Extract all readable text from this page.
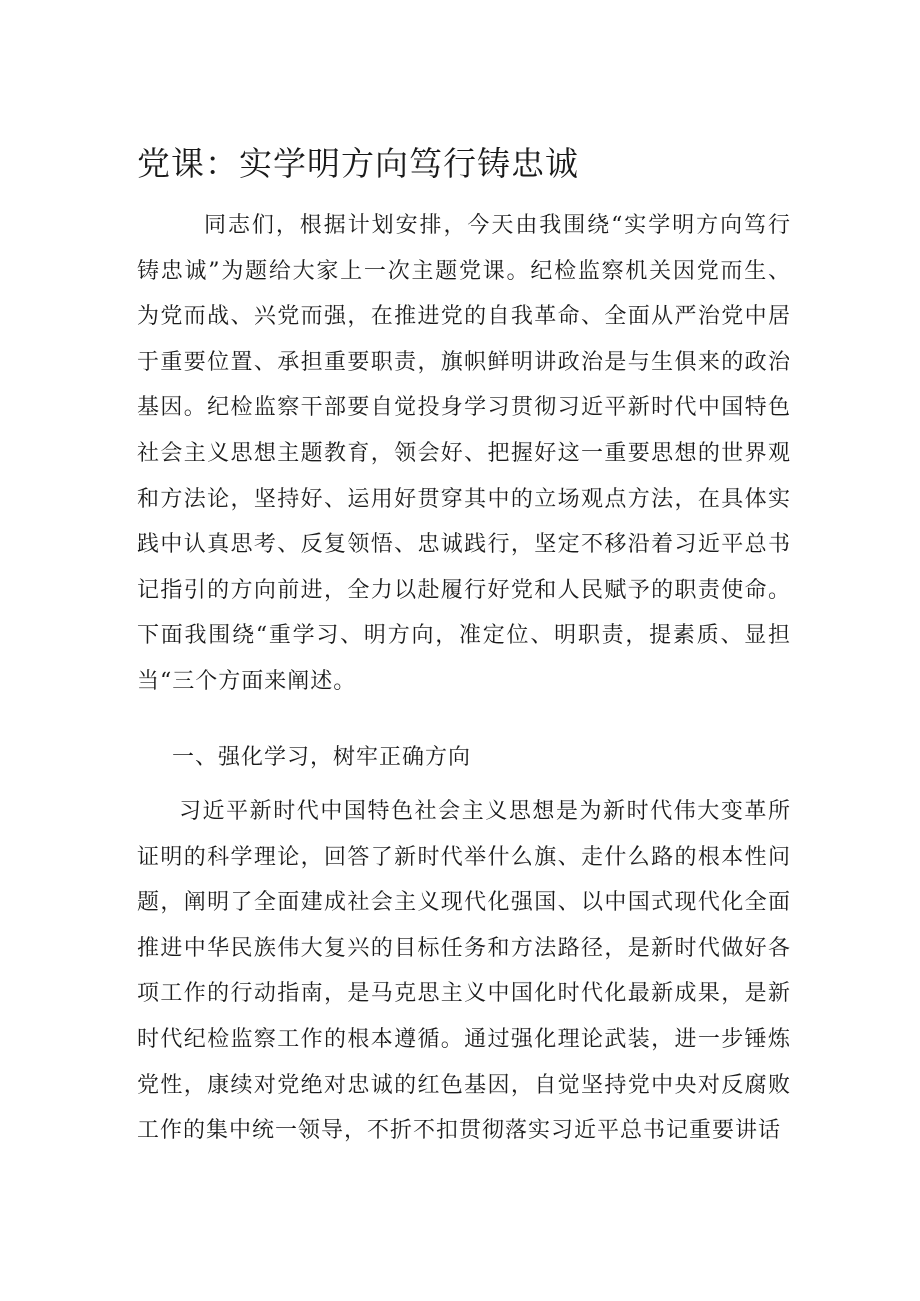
党课：实学明方向笃行铸忠诚

同志们，根据计划安排，今天由我围绕“实学明方向笃行铸忠诚”为题给大家上一次主题党课。纪检监察机关因党而生、为党而战、兴党而强，在推进党的自我革命、全面从严治党中居于重要位置、承担重要职责，旗帜鲜明讲政治是与生俱来的政治基因。纪检监察干部要自觉投身学习贯彻习近平新时代中国特色社会主义思想主题教育，领会好、把握好这一重要思想的世界观和方法论，坚持好、运用好贯穿其中的立场观点方法，在具体实践中认真思考、反复领悟、忠诚践行，坚定不移沿着习近平总书记指引的方向前进，全力以赴履行好党和人民赋予的职责使命。下面我围绕“重学习、明方向，准定位、明职责，提素质、显担当“三个方面来阐述。

一、强化学习，树牢正确方向

习近平新时代中国特色社会主义思想是为新时代伟大变革所证明的科学理论，回答了新时代举什么旗、走什么路的根本性问题，阐明了全面建成社会主义现代化强国、以中国式现代化全面推进中华民族伟大复兴的目标任务和方法路径，是新时代做好各项工作的行动指南，是马克思主义中国化时代化最新成果，是新时代纪检监察工作的根本遵循。通过强化理论武装，进一步锤炼党性，康续对党绝对忠诚的红色基因，自觉坚持党中央对反腐败工作的集中统一领导，不折不扣贯彻落实习近平总书记重要讲话
